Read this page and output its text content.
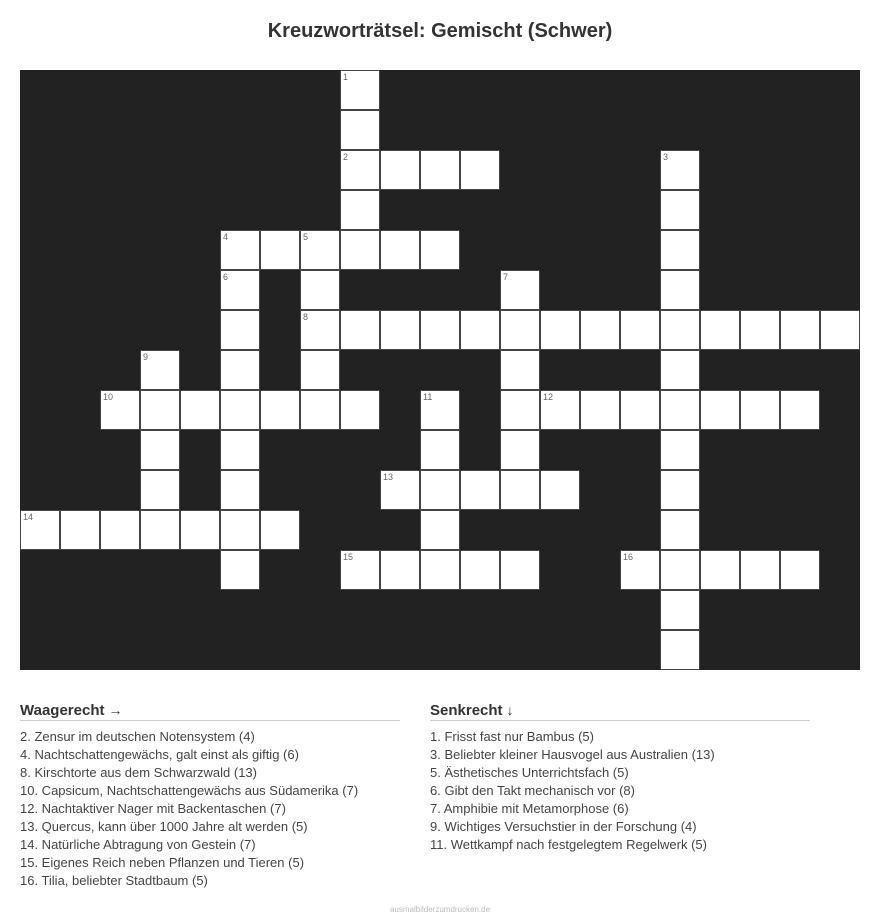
Kreuzworträtsel: Gemischt (Schwer)
1
2	3
4	5
6	7
8
9
10	11	12
13
14
15	16
Waagerecht →
2. Zensur im deutschen Notensystem (4)
4. Nachtschattengewächs, galt einst als giftig (6)
8. Kirschtorte aus dem Schwarzwald (13)
10. Capsicum, Nachtschattengewächs aus Südamerika (7)
12. Nachtaktiver Nager mit Backentaschen (7)
13. Quercus, kann über 1000 Jahre alt werden (5)
14. Natürliche Abtragung von Gestein (7)
15. Eigenes Reich neben Pflanzen und Tieren (5)
16. Tilia, beliebter Stadtbaum (5)
Senkrecht ↓
1. Frisst fast nur Bambus (5)
3. Beliebter kleiner Hausvogel aus Australien (13)
5. Ästhetisches Unterrichtsfach (5)
6. Gibt den Takt mechanisch vor (8)
7. Amphibie mit Metamorphose (6)
9. Wichtiges Versuchstier in der Forschung (4)
11. Wettkampf nach festgelegtem Regelwerk (5)
ausmalbilderzumdrucken.de
